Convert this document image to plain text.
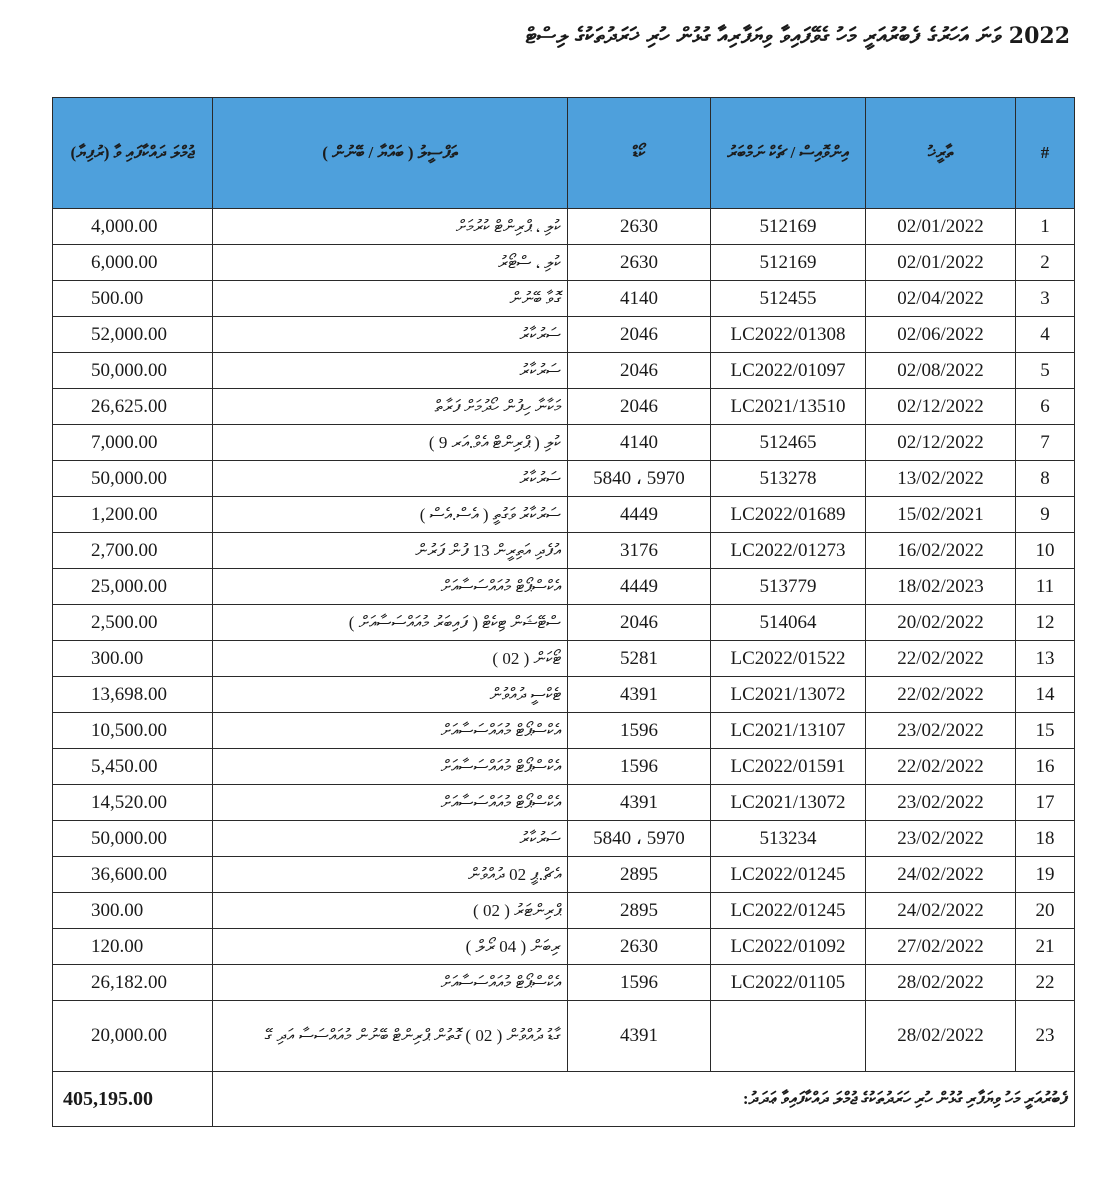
2022 ވަނަ އަހަރުގެ ފެބުރުއަރީ މަހު ގެވޭފައިވާ ވިޔަފާރިއާ ގުޅުން ހުރި ޚަރަދުތަކުގެ ލިސްޓް
ޖުމްލަ ދައްކާފައި ވާ (ރުފިޔާ)	ތަފްސީލު ( ބައްޔާ / ބޭނުން )	ކޯޑް	އިންވޮއިސް / ޗެކް ނަމްބަރު	ތާރީޚު	#
4,000.00	ކުލި ، ޕްރިންޓް ކުރުމަށް	2630	512169	02/01/2022	1
6,000.00	ކުލި ، ސްޓޯރު	2630	512169	02/01/2022	2
500.00	ގޮވާ ބޭނުން	4140	512455	02/04/2022	3
52,000.00	ސަރުކާރު	2046	LC2022/01308	02/06/2022	4
50,000.00	ސަރުކާރު	2046	LC2022/01097	02/08/2022	5
26,625.00	މަކާނާ ހިފުން ހޯދުމަށް ފަރާތް	2046	LC2021/13510	02/12/2022	6
7,000.00	ކުލި ( ޕްރިންޓް އެވް.އަރ 9 )	4140	512465	02/12/2022	7
50,000.00	ސަރުކާރު	5840 ، 5970	513278	13/02/2022	8
1,200.00	ސަރުކާރު ވަގުތީ ( އެސް.އެސް )	4449	LC2022/01689	15/02/2021	9
2,700.00	އުފެދި އަތިރީން 13 ފުން ފަރުން	3176	LC2022/01273	16/02/2022	10
25,000.00	އެކްސްޕޯޓް މުއައްސަސާއަށް	4449	513779	18/02/2023	11
2,500.00	ސްޓޭޝަން ޓިކެޓް ( ފައިބަރު މުއައްސަސާއަށް )	2046	514064	20/02/2022	12
300.00	ޓޯކަން ( 02 )	5281	LC2022/01522	22/02/2022	13
13,698.00	ޓެކްސީ ދުއްވުން	4391	LC2021/13072	22/02/2022	14
10,500.00	އެކްސްޕޯޓް މުއައްސަސާއަށް	1596	LC2021/13107	23/02/2022	15
5,450.00	އެކްސްޕޯޓް މުއައްސަސާއަށް	1596	LC2022/01591	22/02/2022	16
14,520.00	އެކްސްޕޯޓް މުއައްސަސާއަށް	4391	LC2021/13072	23/02/2022	17
50,000.00	ސަރުކާރު	5840 ، 5970	513234	23/02/2022	18
36,600.00	އެޗް.ޕީ 02 ދުއްވުން	2895	LC2022/01245	24/02/2022	19
300.00	ޕްރިންޓަރު ( 02 )	2895	LC2022/01245	24/02/2022	20
120.00	ރިބަން ( 04 ރޯލް )	2630	LC2022/01092	27/02/2022	21
26,182.00	އެކްސްޕޯޓް މުއައްސަސާއަށް	1596	LC2022/01105	28/02/2022	22
20,000.00	ގާޑު ދުއްވުން ( 02 ) ގޮތުން ޕްރިންޓް ބޭނުން މުއައްސަސާ އަދި ގޭ	4391		28/02/2022	23
405,195.00	ފެބުރުއަރީ މަހު ވިޔަފާރި ގުޅުން ހުރި ހަރަދުތަކުގެ ޖުމްލަ ދައްކާފައިވާ ޢަދަދު:				
